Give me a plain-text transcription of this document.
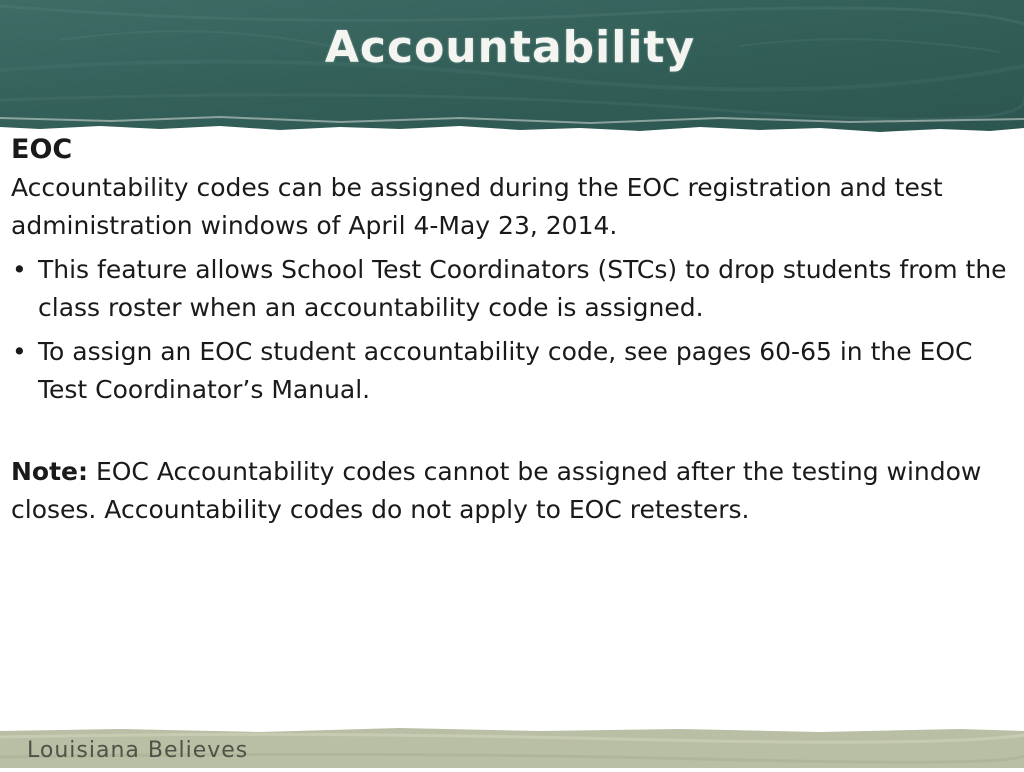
Accountability
EOC

Accountability codes can be assigned during the EOC registration and test administration windows of April 4-May 23, 2014.

• This feature allows School Test Coordinators (STCs) to drop students from the class roster when an accountability code is assigned.
• To assign an EOC student accountability code, see pages 60-65 in the EOC Test Coordinator’s Manual.

Note: EOC Accountability codes cannot be assigned after the testing window closes. Accountability codes do not apply to EOC retesters.

Louisiana Believes
